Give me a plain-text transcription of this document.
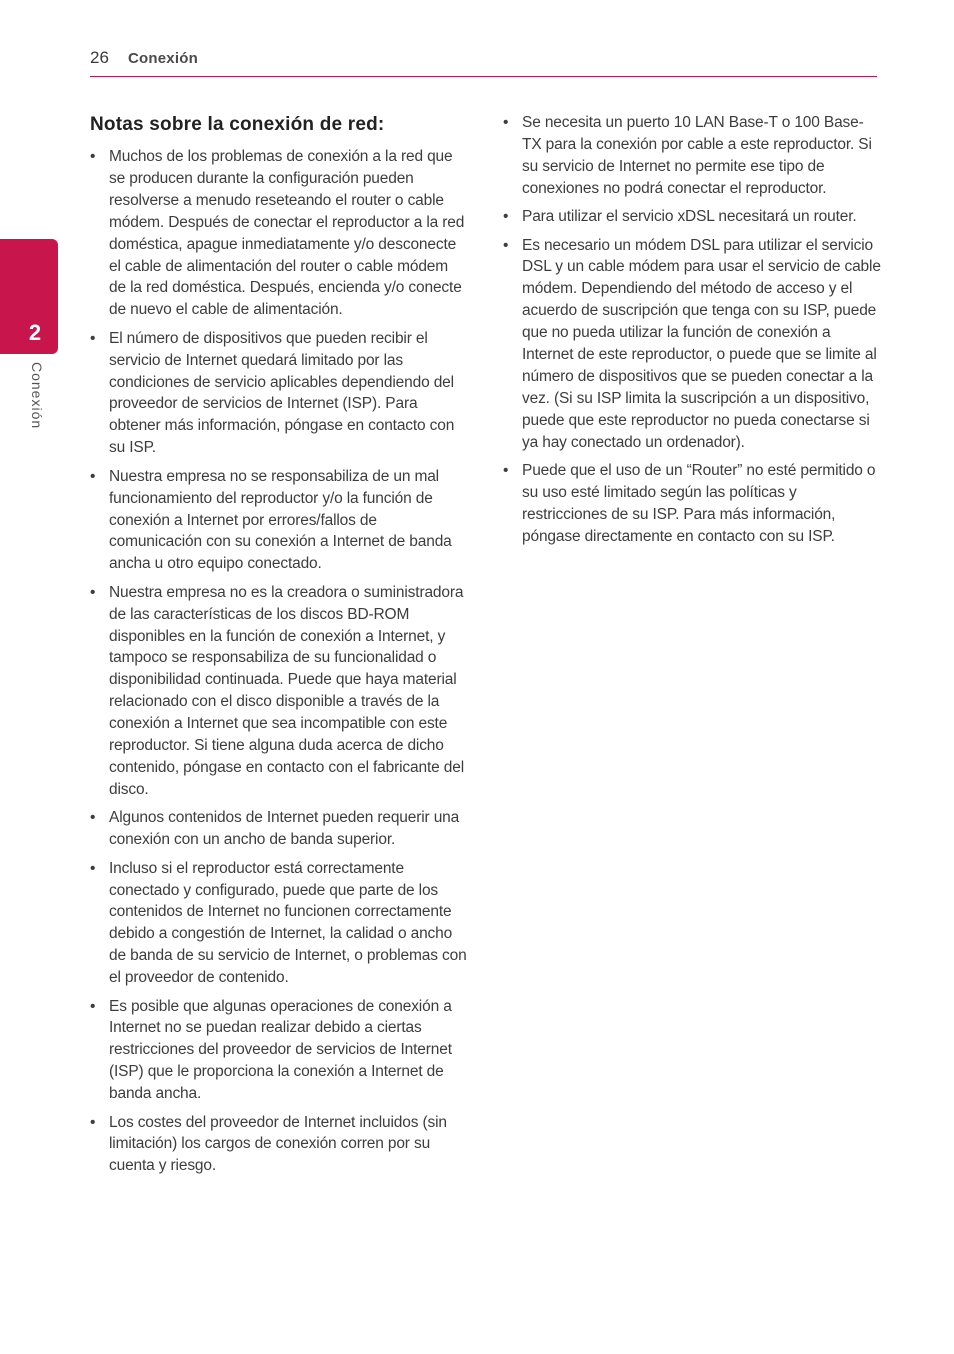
26 Conexión
2
Conexión
Notas sobre la conexión de red:
• Muchos de los problemas de conexión a la red que se producen durante la configuración pueden resolverse a menudo reseteando el router o cable módem. Después de conectar el reproductor a la red doméstica, apague inmediatamente y/o desconecte el cable de alimentación del router o cable módem de la red doméstica. Después, encienda y/o conecte de nuevo el cable de alimentación.
• El número de dispositivos que pueden recibir el servicio de Internet quedará limitado por las condiciones de servicio aplicables dependiendo del proveedor de servicios de Internet (ISP). Para obtener más información, póngase en contacto con su ISP.
• Nuestra empresa no se responsabiliza de un mal funcionamiento del reproductor y/o la función de conexión a Internet por errores/fallos de comunicación con su conexión a Internet de banda ancha u otro equipo conectado.
• Nuestra empresa no es la creadora o suministradora de las características de los discos BD-ROM disponibles en la función de conexión a Internet, y tampoco se responsabiliza de su funcionalidad o disponibilidad continuada. Puede que haya material relacionado con el disco disponible a través de la conexión a Internet que sea incompatible con este reproductor. Si tiene alguna duda acerca de dicho contenido, póngase en contacto con el fabricante del disco.
• Algunos contenidos de Internet pueden requerir una conexión con un ancho de banda superior.
• Incluso si el reproductor está correctamente conectado y configurado, puede que parte de los contenidos de Internet no funcionen correctamente debido a congestión de Internet, la calidad o ancho de banda de su servicio de Internet, o problemas con el proveedor de contenido.
• Es posible que algunas operaciones de conexión a Internet no se puedan realizar debido a ciertas restricciones del proveedor de servicios de Internet (ISP) que le proporciona la conexión a Internet de banda ancha.
• Los costes del proveedor de Internet incluidos (sin limitación) los cargos de conexión corren por su cuenta y riesgo.
• Se necesita un puerto 10 LAN Base-T o 100 Base-TX para la conexión por cable a este reproductor. Si su servicio de Internet no permite ese tipo de conexiones no podrá conectar el reproductor.
• Para utilizar el servicio xDSL necesitará un router.
• Es necesario un módem DSL para utilizar el servicio DSL y un cable módem para usar el servicio de cable módem. Dependiendo del método de acceso y el acuerdo de suscripción que tenga con su ISP, puede que no pueda utilizar la función de conexión a Internet de este reproductor, o puede que se limite al número de dispositivos que se pueden conectar a la vez. (Si su ISP limita la suscripción a un dispositivo, puede que este reproductor no pueda conectarse si ya hay conectado un ordenador).
• Puede que el uso de un “Router” no esté permitido o su uso esté limitado según las políticas y restricciones de su ISP. Para más información, póngase directamente en contacto con su ISP.
